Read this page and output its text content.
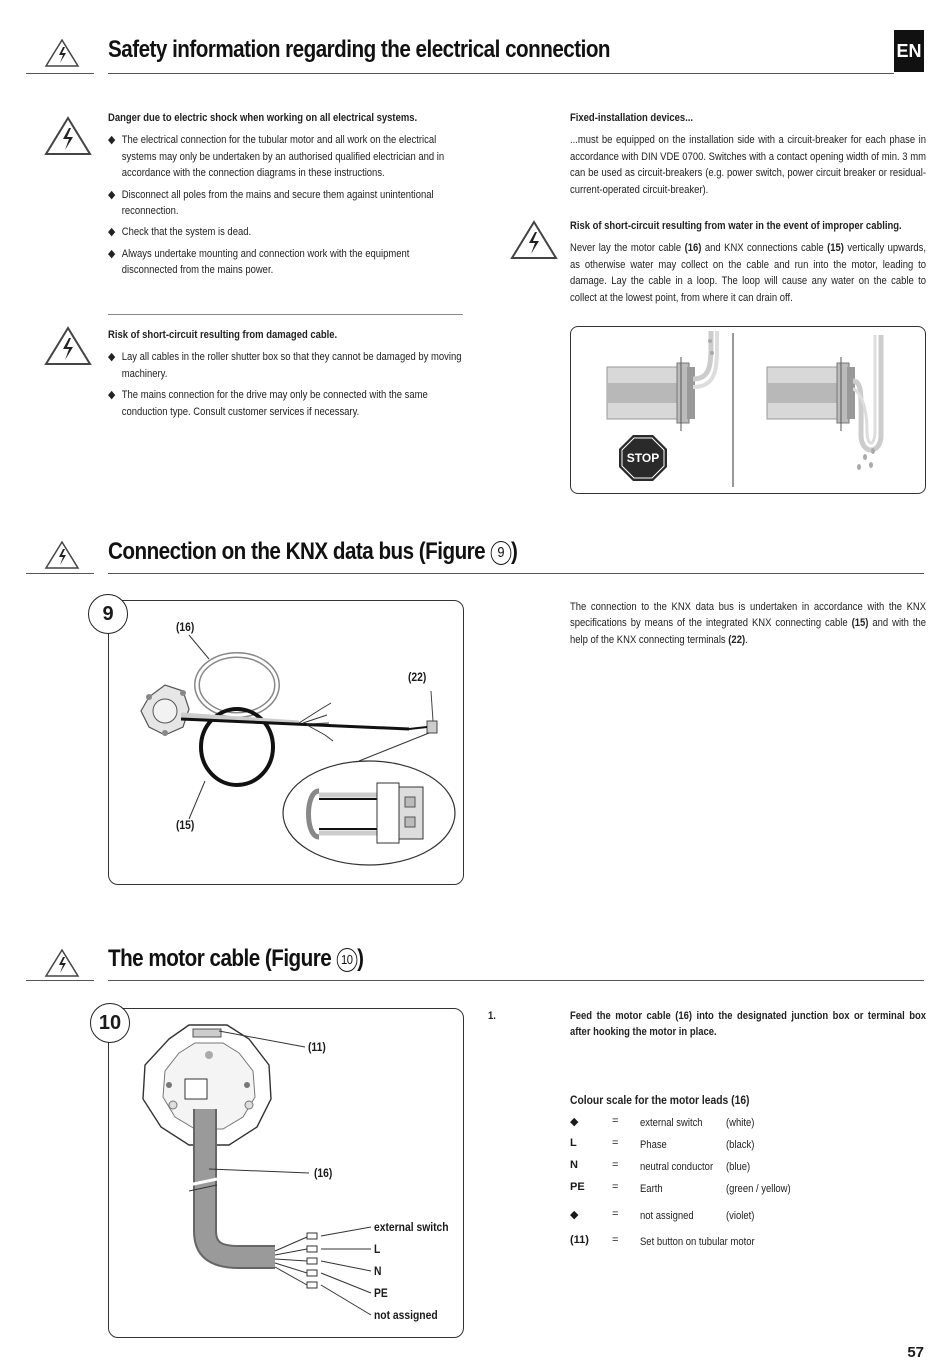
Safety information regarding the electrical connection	EN
Danger due to electric shock when working on all electrical systems.
◆ The electrical connection for the tubular motor and all work on the electrical systems may only be undertaken by an authorised qualified electrician and in accordance with the connection diagrams in these instructions.
◆ Disconnect all poles from the mains and secure them against unintentional reconnection.
◆ Check that the system is dead.
◆ Always undertake mounting and connection work with the equipment disconnected from the mains power.
Risk of short-circuit resulting from damaged cable.
◆ Lay all cables in the roller shutter box so that they cannot be damaged by moving machinery.
◆ The mains connection for the drive may only be connected with the same conduction type. Consult customer services if necessary.
Fixed-installation devices...
...must be equipped on the installation side with a circuit-breaker for each phase in accordance with DIN VDE 0700. Switches with a contact opening width of min. 3 mm can be used as circuit-breakers (e.g. power switch, power circuit breaker or residual-current-operated circuit-breaker).
Risk of short-circuit resulting from water in the event of improper cabling.
Never lay the motor cable (16) and KNX connections cable (15) vertically upwards, as otherwise water may collect on the cable and run into the motor, leading to damage. Lay the cable in a loop. The loop will cause any water on the cable to collect at the lowest point, from where it can drain off.
STOP
Connection on the KNX data bus (Figure 9 )
9
(16)
(22)
(15)
The connection to the KNX data bus is undertaken in accordance with the KNX specifications by means of the integrated KNX connecting cable (15) and with the help of the KNX connecting terminals (22).
The motor cable (Figure 10 )
10
(11)
(16)
external switch
L
N
PE
not assigned
1.	Feed the motor cable (16) into the designated junction box or terminal box after hooking the motor in place.
Colour scale for the motor leads (16)
◆	= external switch (white)
L	= Phase	(black)
N	= neutral conductor (blue)
PE = Earth	(green / yellow)
◆	= not assigned	(violet)
(11) = Set button on tubular motor
57
